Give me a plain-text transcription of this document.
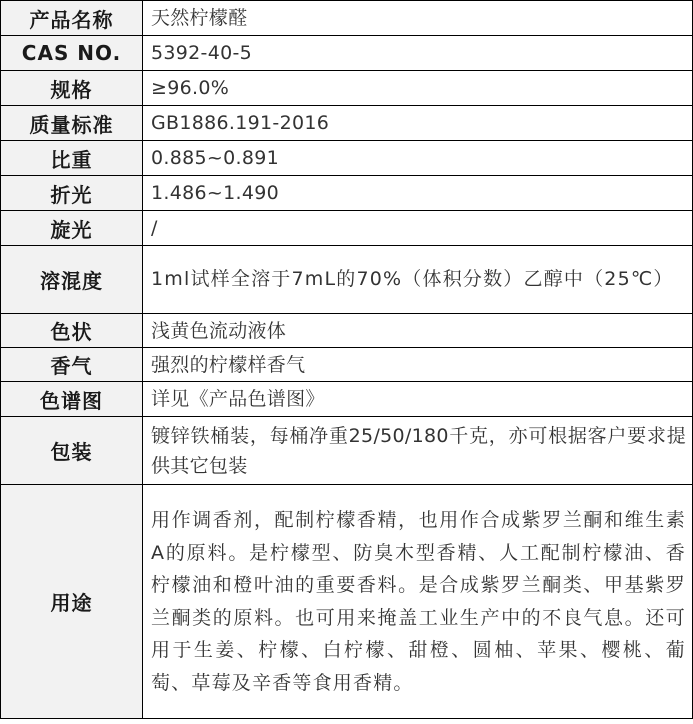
产品名称	天然柠檬醛
CAS NO.	5392-40-5
规格	≥96.0%
质量标准	GB1886.191-2016
比重	0.885~0.891
折光	1.486~1.490
旋光	/
溶混度	1ml试样全溶于7mL的70%（体积分数）乙醇中（25℃）
色状	浅黄色流动液体
香气	强烈的柠檬样香气
色谱图	详见《产品色谱图》
包装	镀锌铁桶装，每桶净重25/50/180千克，亦可根据客户要求提供其它包装
用途	用作调香剂，配制柠檬香精，也用作合成紫罗兰酮和维生素A的原料。是柠檬型、防臭木型香精、人工配制柠檬油、香柠檬油和橙叶油的重要香料。是合成紫罗兰酮类、甲基紫罗兰酮类的原料。也可用来掩盖工业生产中的不良气息。还可用于生姜、柠檬、白柠檬、甜橙、圆柚、苹果、樱桃、葡萄、草莓及辛香等食用香精。
